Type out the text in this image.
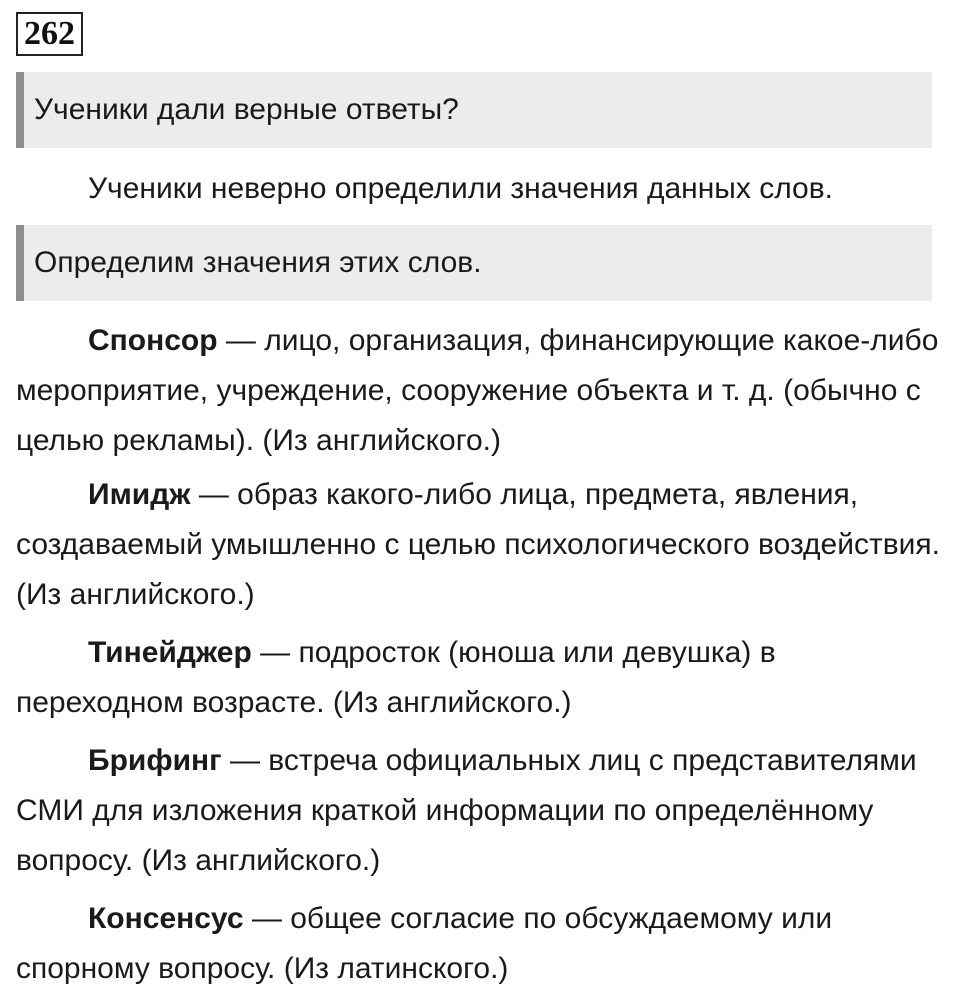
262
Ученики дали верные ответы?
Ученики неверно определили значения данных слов.
Определим значения этих слов.

Спонсор — лицо, организация, финансирующие какое-либо мероприятие, учреждение, сооружение объекта и т. д. (обычно с целью рекламы). (Из английского.)

Имидж — образ какого-либо лица, предмета, явления, создаваемый умышленно с целью психологического воздействия. (Из английского.)

Тинейджер — подросток (юноша или девушка) в переходном возрасте. (Из английского.)

Брифинг — встреча официальных лиц с представителями СМИ для изложения краткой информации по определённому вопросу. (Из английского.)

Консенсус — общее согласие по обсуждаемому или спорному вопросу. (Из латинского.)
